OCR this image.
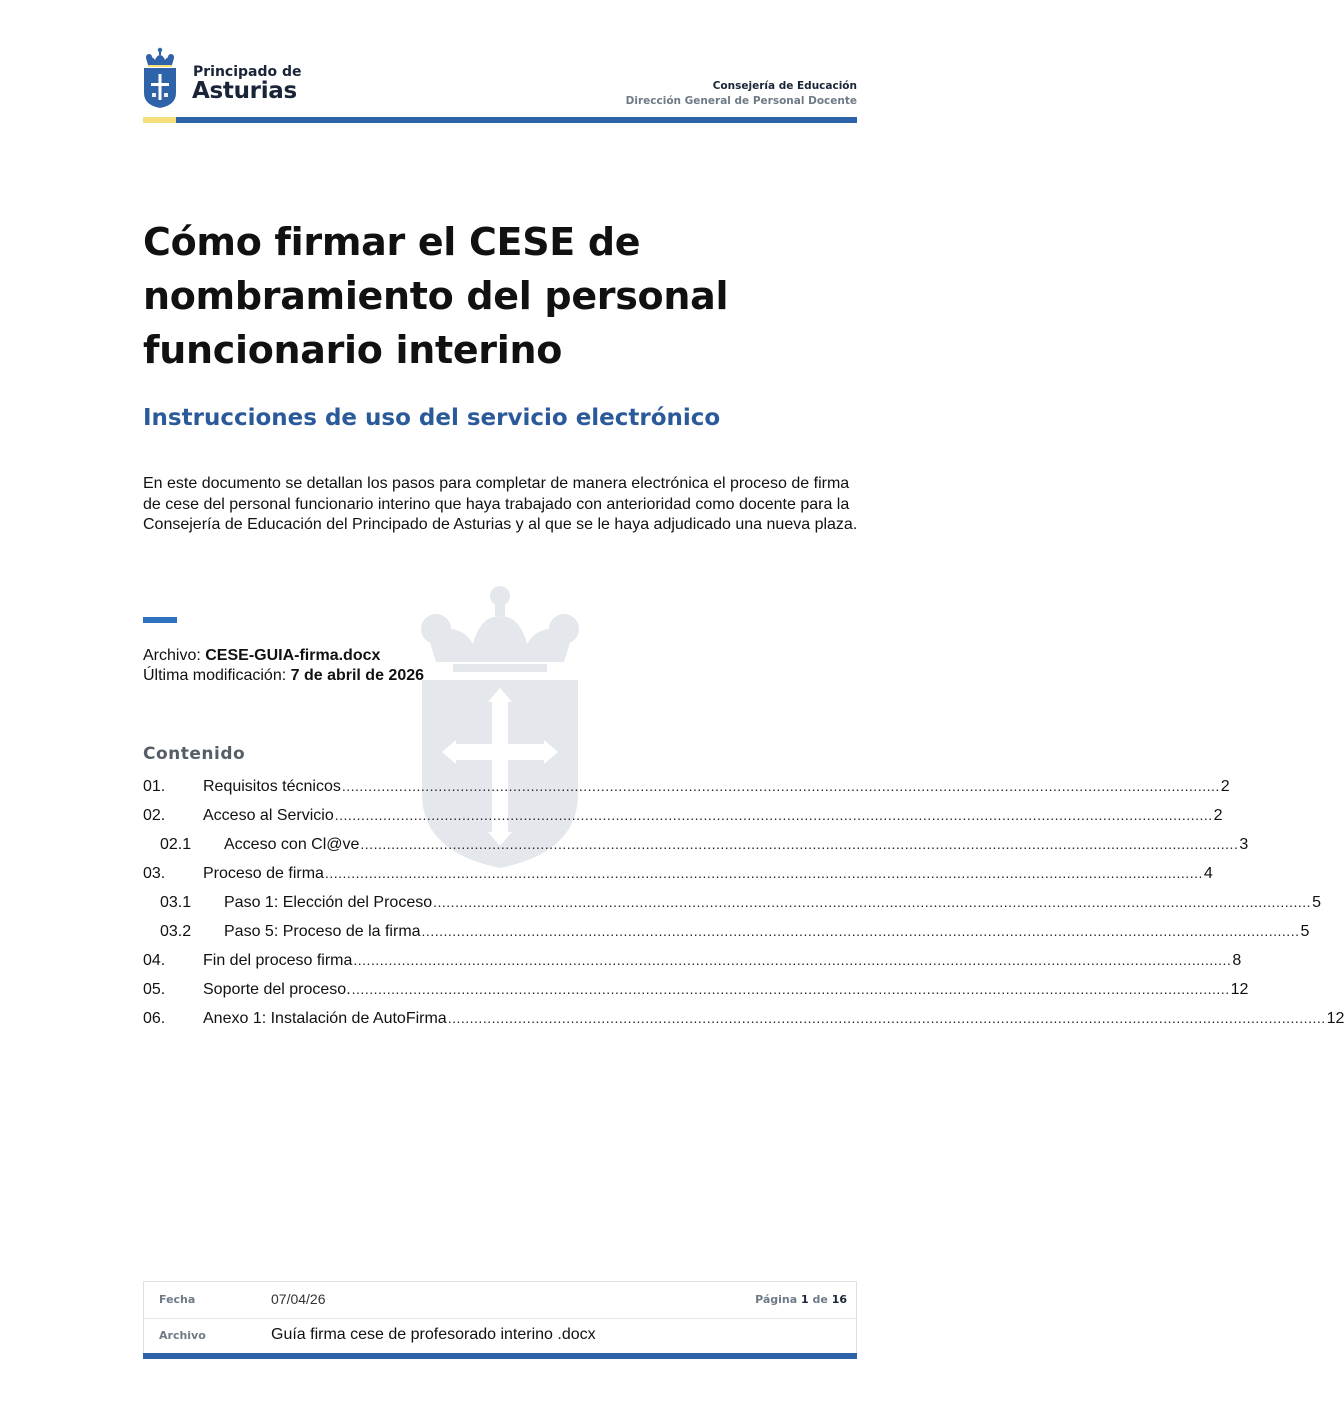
Principado de
Asturias	Consejería de Educación
Dirección General de Personal Docente
Cómo firmar el CESE de
nombramiento del personal
funcionario interino
Instrucciones de uso del servicio electrónico
En este documento se detallan los pasos para completar de manera electrónica el proceso de firma de cese del personal funcionario interino que haya trabajado con anterioridad como docente para la Consejería de Educación del Principado de Asturias y al que se le haya adjudicado una nueva plaza.
Archivo: CESE-GUIA-firma.docx
Última modificación: 7 de abril de 2026
Contenido
01.	Requisitos técnicos ........................................................................................................................................................................................................ 2
02.	Acceso al Servicio ........................................................................................................................................................................................................ 2
02.1	Acceso con Cl@ve ........................................................................................................................................................................................................ 3
03.	Proceso de firma ........................................................................................................................................................................................................ 4
03.1	Paso 1: Elección del Proceso ........................................................................................................................................................................................................ 5
03.2	Paso 5: Proceso de la firma ........................................................................................................................................................................................................ 5
04.	Fin del proceso firma ........................................................................................................................................................................................................ 8
05.	Soporte del proceso. ........................................................................................................................................................................................................ 12
06.	Anexo 1: Instalación de AutoFirma ........................................................................................................................................................................................................ 12
Fecha	07/04/26	Página 1 de 16
Archivo	Guía firma cese de profesorado interino .docx
